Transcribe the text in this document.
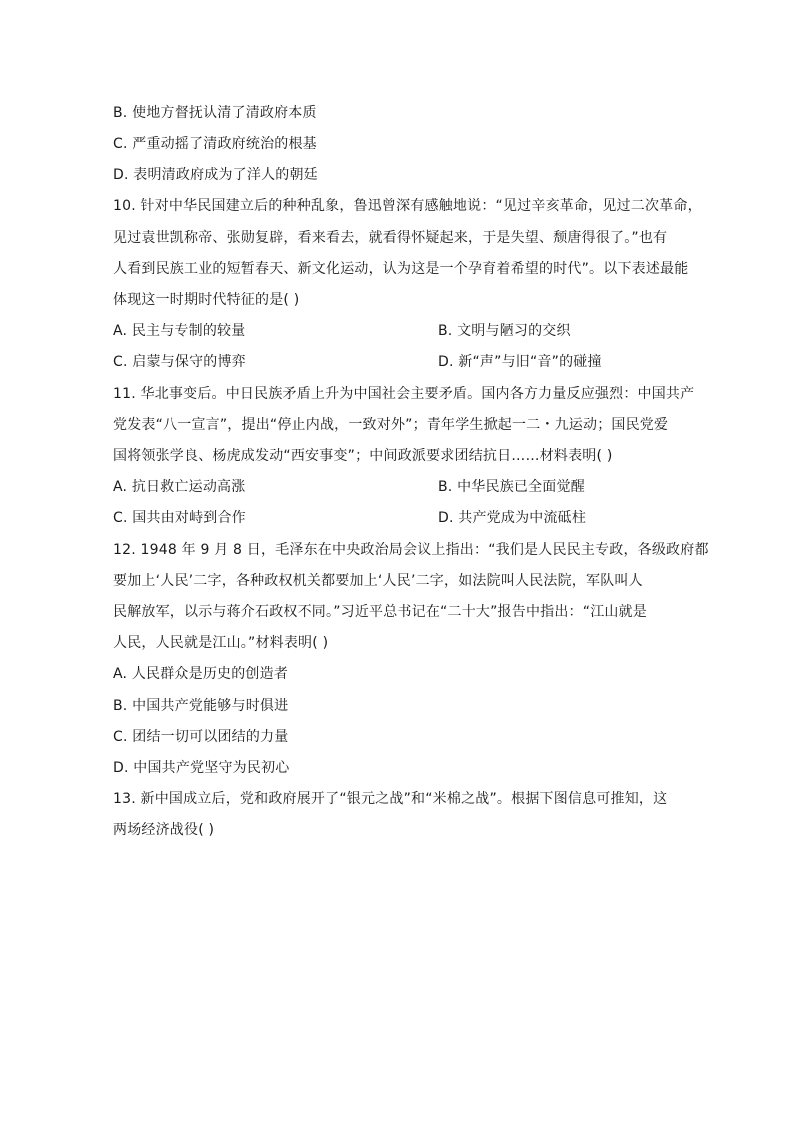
B. 使地方督抚认清了清政府本质
C. 严重动摇了清政府统治的根基
D. 表明清政府成为了洋人的朝廷
10. 针对中华民国建立后的种种乱象，鲁迅曾深有感触地说：“见过辛亥革命，见过二次革命，
见过袁世凯称帝、张勋复辟，看来看去，就看得怀疑起来，于是失望、颓唐得很了。”也有
人看到民族工业的短暂春天、新文化运动，认为这是一个孕育着希望的时代”。以下表述最能
体现这一时期时代特征的是( )
A. 民主与专制的较量	B. 文明与陋习的交织
C. 启蒙与保守的博弈	D. 新“声”与旧“音”的碰撞
11. 华北事变后。中日民族矛盾上升为中国社会主要矛盾。国内各方力量反应强烈：中国共产
党发表“八一宣言”，提出“停止内战，一致对外”；青年学生掀起一二・九运动；国民党爱
国将领张学良、杨虎成发动“西安事变”；中间政派要求团结抗日……材料表明( )
A. 抗日救亡运动高涨	B. 中华民族已全面觉醒
C. 国共由对峙到合作	D. 共产党成为中流砥柱
12. 1948 年 9 月 8 日，毛泽东在中央政治局会议上指出：“我们是人民民主专政，各级政府都
要加上‘人民’二字，各种政权机关都要加上‘人民’二字，如法院叫人民法院，军队叫人
民解放军，以示与蒋介石政权不同。”习近平总书记在“二十大”报告中指出：“江山就是
人民，人民就是江山。”材料表明( )
A. 人民群众是历史的创造者
B. 中国共产党能够与时俱进
C. 团结一切可以团结的力量
D. 中国共产党坚守为民初心
13. 新中国成立后，党和政府展开了“银元之战”和“米棉之战”。根据下图信息可推知，这
两场经济战役( )
